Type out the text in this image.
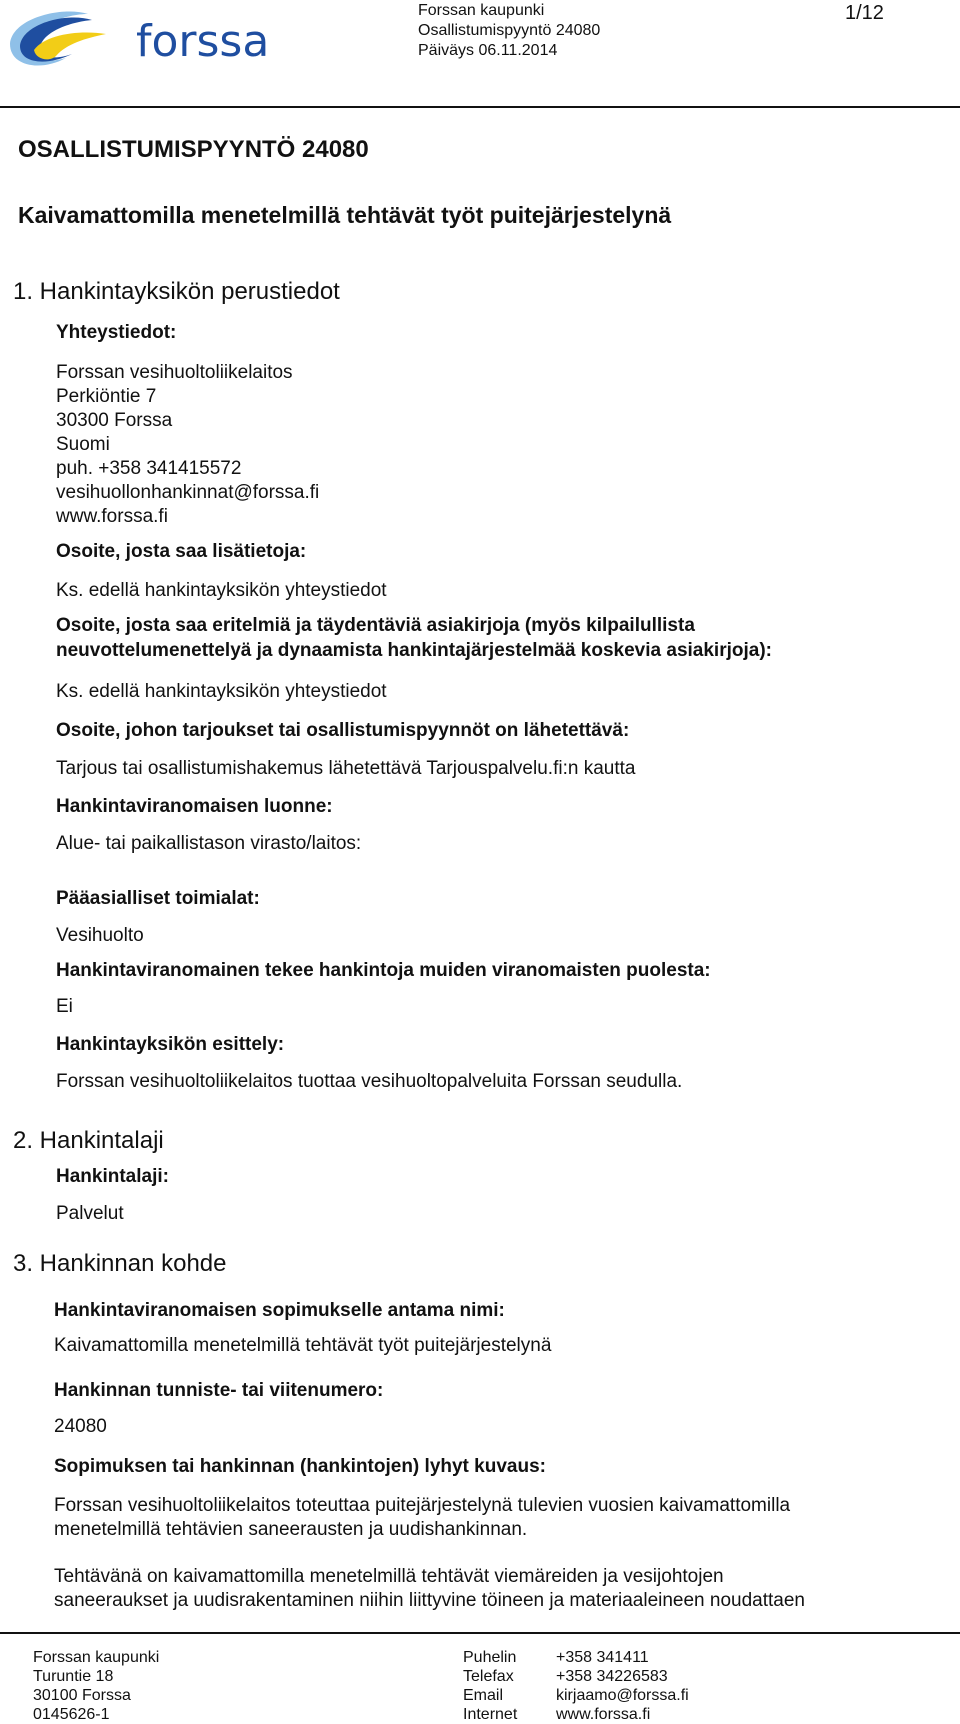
forssa
Forssan kaupunki
Osallistumispyyntö 24080
Päiväys 06.11.2014
1/12
OSALLISTUMISPYYNTÖ 24080
Kaivamattomilla menetelmillä tehtävät työt puitejärjestelynä
1. Hankintayksikön perustiedot
Yhteystiedot:
Forssan vesihuoltoliikelaitos
Perkiöntie 7
30300 Forssa
Suomi
puh. +358 341415572
vesihuollonhankinnat@forssa.fi
www.forssa.fi
Osoite, josta saa lisätietoja:
Ks. edellä hankintayksikön yhteystiedot
Osoite, josta saa eritelmiä ja täydentäviä asiakirjoja (myös kilpailullista
neuvottelumenettelyä ja dynaamista hankintajärjestelmää koskevia asiakirjoja):
Ks. edellä hankintayksikön yhteystiedot
Osoite, johon tarjoukset tai osallistumispyynnöt on lähetettävä:
Tarjous tai osallistumishakemus lähetettävä Tarjouspalvelu.fi:n kautta
Hankintaviranomaisen luonne:
Alue- tai paikallistason virasto/laitos:
Pääasialliset toimialat:
Vesihuolto
Hankintaviranomainen tekee hankintoja muiden viranomaisten puolesta:
Ei
Hankintayksikön esittely:
Forssan vesihuoltoliikelaitos tuottaa vesihuoltopalveluita Forssan seudulla.
2. Hankintalaji
Hankintalaji:
Palvelut
3. Hankinnan kohde
Hankintaviranomaisen sopimukselle antama nimi:
Kaivamattomilla menetelmillä tehtävät työt puitejärjestelynä
Hankinnan tunniste- tai viitenumero:
24080
Sopimuksen tai hankinnan (hankintojen) lyhyt kuvaus:
Forssan vesihuoltoliikelaitos toteuttaa puitejärjestelynä tulevien vuosien kaivamattomilla
menetelmillä tehtävien saneerausten ja uudishankinnan.
Tehtävänä on kaivamattomilla menetelmillä tehtävät viemäreiden ja vesijohtojen
saneeraukset ja uudisrakentaminen niihin liittyvine töineen ja materiaaleineen noudattaen
Forssan kaupunki
Turuntie 18
30100 Forssa
0145626-1
Puhelin
Telefax
Email
Internet
+358 341411
+358 34226583
kirjaamo@forssa.fi
www.forssa.fi
